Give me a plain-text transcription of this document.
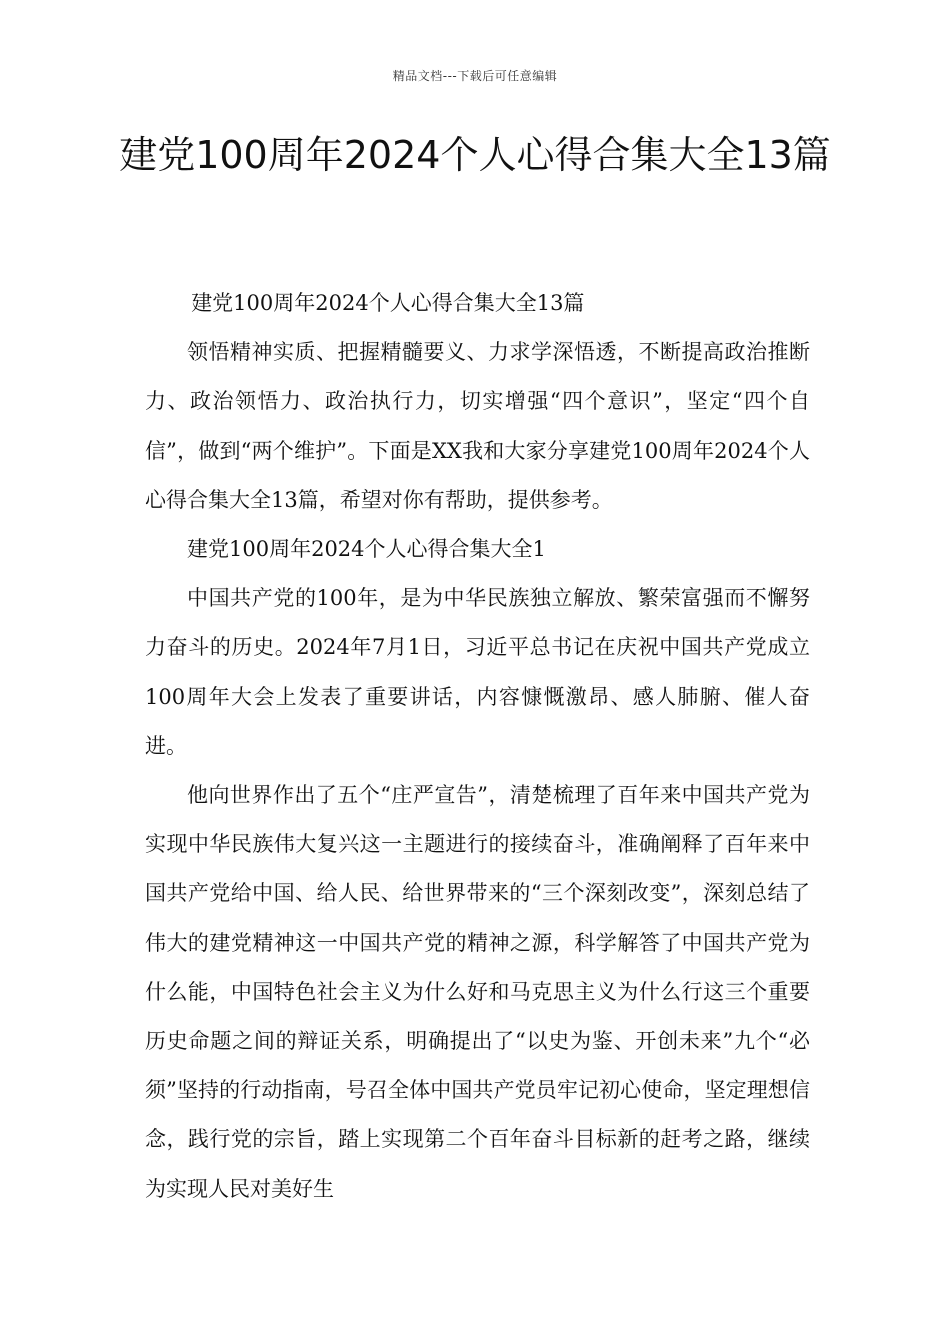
精品文档---下载后可任意编辑
建党100周年2024个人心得合集大全13篇

建党100周年2024个人心得合集大全13篇

领悟精神实质、把握精髓要义、力求学深悟透，不断提高政治推断力、政治领悟力、政治执行力，切实增强“四个意识”，坚定“四个自信”，做到“两个维护”。下面是XX我和大家分享建党100周年2024个人心得合集大全13篇，希望对你有帮助，提供参考。

建党100周年2024个人心得合集大全1

中国共产党的100年，是为中华民族独立解放、繁荣富强而不懈努力奋斗的历史。2024年7月1日，习近平总书记在庆祝中国共产党成立100周年大会上发表了重要讲话，内容慷慨激昂、感人肺腑、催人奋进。

他向世界作出了五个“庄严宣告”，清楚梳理了百年来中国共产党为实现中华民族伟大复兴这一主题进行的接续奋斗，准确阐释了百年来中国共产党给中国、给人民、给世界带来的“三个深刻改变”，深刻总结了伟大的建党精神这一中国共产党的精神之源，科学解答了中国共产党为什么能，中国特色社会主义为什么好和马克思主义为什么行这三个重要历史命题之间的辩证关系，明确提出了“以史为鉴、开创未来”九个“必须”坚持的行动指南，号召全体中国共产党员牢记初心使命，坚定理想信念，践行党的宗旨，踏上实现第二个百年奋斗目标新的赶考之路，继续为实现人民对美好生
